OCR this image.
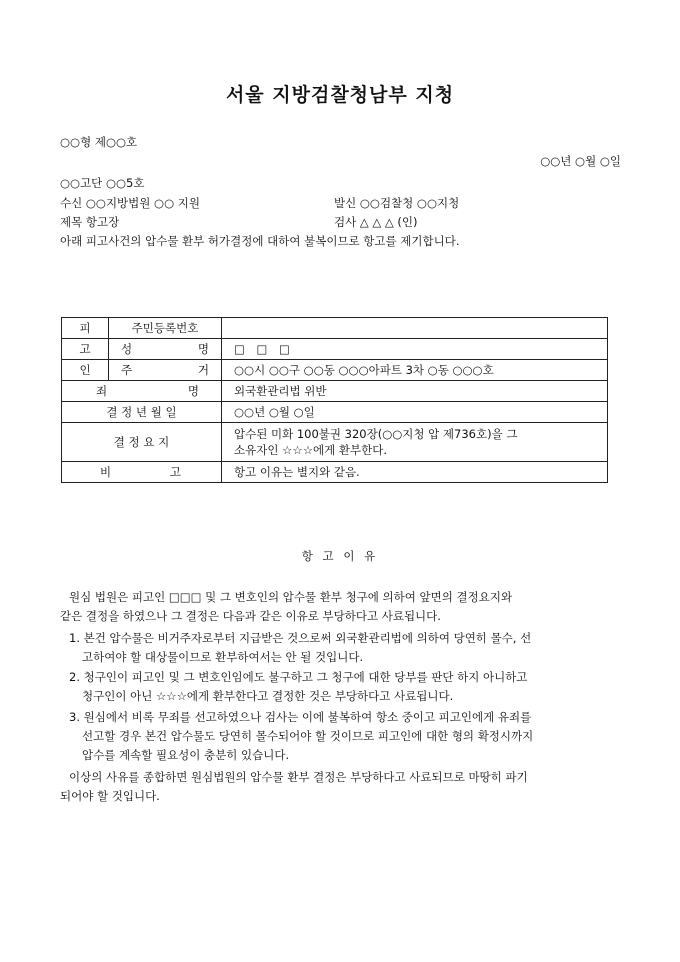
서울 지방검찰청남부 지청
○○형 제○○호
○○년 ○월 ○일
○○고단 ○○5호
수신 ○○지방법원 ○○ 지원	발신 ○○검찰청 ○○지청
제목 항고장	검사 △ △ △ (인)
아래 피고사건의 압수물 환부 허가결정에 대하여 불복이므로 항고를 제기합니다.
피	주민등록번호	
고	성 명	□ □ □
인	주 거	○○시 ○○구 ○○동 ○○○아파트 3차 ○동 ○○○호

죄 명		외국환관리법 위반
결 정 년 월 일		○○년 ○월 ○일
결 정 요 지		압수된 미화 100불권 320장(○○지청 압 제736호)을 그
소유자인 ☆☆☆에게 환부한다.

비 고		항고 이유는 별지와 같음.
항 고 이 유
원심 법원은 피고인 □□□ 및 그 변호인의 압수물 환부 청구에 의하여 앞면의 결정요지와
같은 결정을 하였으나 그 결정은 다음과 같은 이유로 부당하다고 사료됩니다.
1. 본건 압수물은 비거주자로부터 지급받은 것으로써 외국환관리법에 의하여 당연히 몰수, 선
고하여야 할 대상물이므로 환부하여서는 안 될 것입니다.
2. 청구인이 피고인 및 그 변호인임에도 불구하고 그 청구에 대한 당부를 판단 하지 아니하고
청구인이 아닌 ☆☆☆에게 환부한다고 결정한 것은 부당하다고 사료됩니다.
3. 원심에서 비록 무죄를 선고하였으나 검사는 이에 불복하여 항소 중이고 피고인에게 유죄를
선고할 경우 본건 압수물도 당연히 몰수되어야 할 것이므로 피고인에 대한 형의 확정시까지
압수를 계속할 필요성이 충분히 있습니다.
이상의 사유를 종합하면 원심법원의 압수물 환부 결정은 부당하다고 사료되므로 마땅히 파기
되어야 할 것입니다.
